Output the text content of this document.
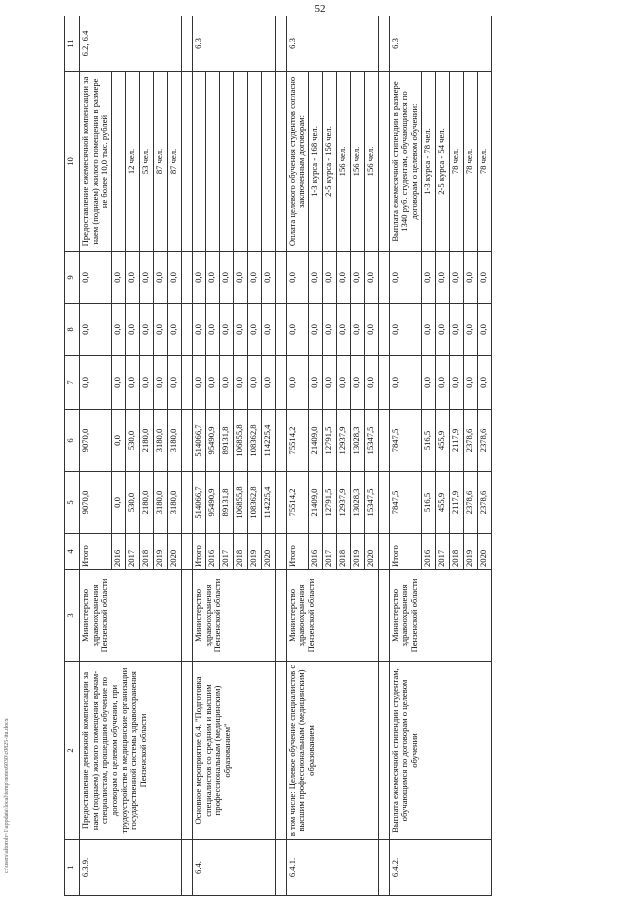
52
1	2	3	4	5	6	7	8	9	10	11
6.3.9.	Предоставление денежной компенсации за наем (поднаем) жилого помещения врачам-специалистам, прошедшим обучение по договорам о целевом обучении, при трудоустройстве в медицинские организации государственной системы здравоохранения Пензенской области	Министерство здравоохранения Пензенской области	Итого	9070,0	9070,0	0,0	0,0	0,0	Предоставление ежемесячной компенсации за наем (поднаем) жилого помещения в размере не более 10,0 тыс. рублей	6.2, 6.4
			2016	0,0	0,0	0,0	0,0	0,0		
			2017	530,0	530,0	0,0	0,0	0,0	12 чел.	
			2018	2180,0	2180,0	0,0	0,0	0,0	53 чел.	
			2019	3180,0	3180,0	0,0	0,0	0,0	87 чел.	
			2020	3180,0	3180,0	0,0	0,0	0,0	87 чел.	

6.4.	Основное мероприятие 6.4. "Подготовка специалистов со средним и высшим профессиональным (медицинским) образованием"	Министерство здравоохранения Пензенской области	Итого	514066,7	514066,7	0,0	0,0	0,0		6.3
			2016	95490,9	95490,9	0,0	0,0	0,0		
			2017	89131,8	89131,8	0,0	0,0	0,0		
			2018	106855,8	106855,8	0,0	0,0	0,0		
			2019	108362,8	108362,8	0,0	0,0	0,0		
			2020	114225,4	114225,4	0,0	0,0	0,0		

6.4.1.	в том числе: Целевое обучение специалистов с высшим профессиональным (медицинским) образованием	Министерство здравоохранения Пензенской области	Итого	75514,2	75514,2	0,0	0,0	0,0	Оплата целевого обучения студентов согласно заключенным договорам:	6.3
			2016	21409,0	21409,0	0,0	0,0	0,0	1-3 курса - 168 чел.	
			2017	12791,5	12791,5	0,0	0,0	0,0	2-5 курса - 156 чел.	
			2018	12937,9	12937,9	0,0	0,0	0,0	156 чел.	
			2019	13028,3	13028,3	0,0	0,0	0,0	156 чел.	
			2020	15347,5	15347,5	0,0	0,0	0,0	156 чел.	

6.4.2.	Выплата ежемесячной стипендии студентам, обучающимся по договорам о целевом обучении	Министерство здравоохранения Пензенской области	Итого	7847,5	7847,5	0,0	0,0	0,0	Выплата ежемесячной стипендии в размере 1340 руб. студентам, обучающимся по договорам о целевом обучении:	6.3
			2016	516,5	516,5	0,0	0,0	0,0	1-3 курса - 78 чел.	
			2017	455,9	455,9	0,0	0,0	0,0	2-5 курса - 54 чел.	
			2018	2117,9	2117,9	0,0	0,0	0,0	78 чел.	
			2019	2378,6	2378,6	0,0	0,0	0,0	78 чел.	
			2020	2378,6	2378,6	0,0	0,0	0,0	78 чел.	
c:\users\altoroh~1\appdata\local\temp\notes6030\c0825-itu.docx
